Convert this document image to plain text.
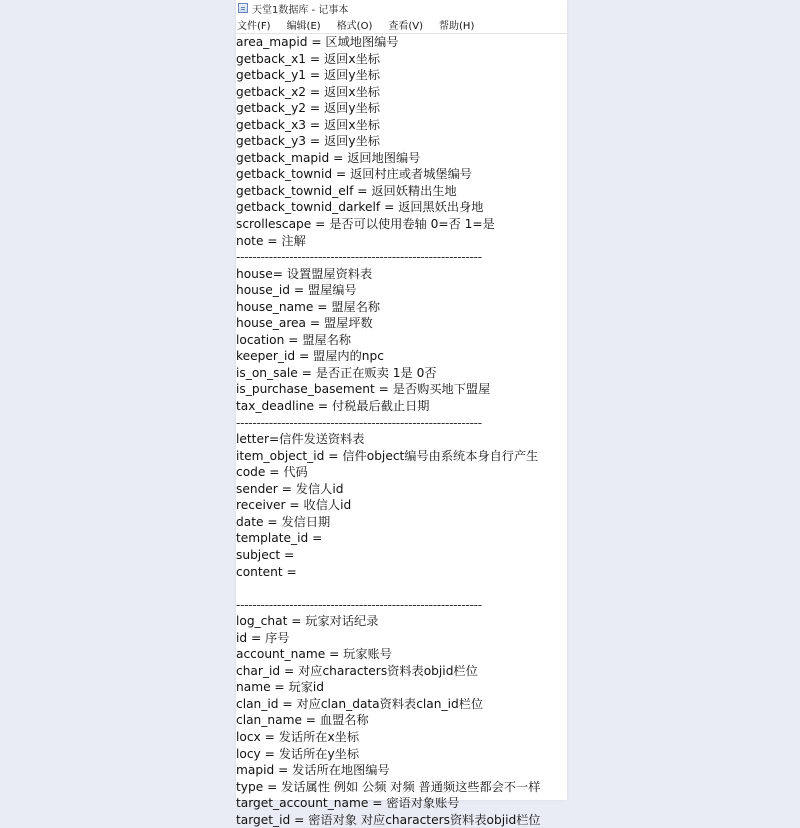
天堂1数据库 - 记事本
文件(F) 编辑(E) 格式(O) 查看(V) 帮助(H)
area_mapid = 区域地图编号
getback_x1 = 返回x坐标
getback_y1 = 返回y坐标
getback_x2 = 返回x坐标
getback_y2 = 返回y坐标
getback_x3 = 返回x坐标
getback_y3 = 返回y坐标
getback_mapid = 返回地图编号
getback_townid = 返回村庄或者城堡编号
getback_townid_elf = 返回妖精出生地
getback_townid_darkelf = 返回黑妖出身地
scrollescape = 是否可以使用卷轴 0=否 1=是
note = 注解
------------------------------------------------------------
house= 设置盟屋资料表
house_id = 盟屋编号
house_name = 盟屋名称
house_area = 盟屋坪数
location = 盟屋名称
keeper_id = 盟屋内的npc
is_on_sale = 是否正在贩卖 1是 0否
is_purchase_basement = 是否购买地下盟屋
tax_deadline = 付税最后截止日期
------------------------------------------------------------
letter=信件发送资料表
item_object_id = 信件object编号由系统本身自行产生
code = 代码
sender = 发信人id
receiver = 收信人id
date = 发信日期
template_id =
subject =
content =
------------------------------------------------------------
log_chat = 玩家对话纪录
id = 序号
account_name = 玩家账号
char_id = 对应characters资料表objid栏位
name = 玩家id
clan_id = 对应clan_data资料表clan_id栏位
clan_name = 血盟名称
locx = 发话所在x坐标
locy = 发话所在y坐标
mapid = 发话所在地图编号
type = 发话属性 例如 公频 对频 普通频这些都会不一样
target_account_name = 密语对象账号
target_id = 密语对象 对应characters资料表objid栏位
